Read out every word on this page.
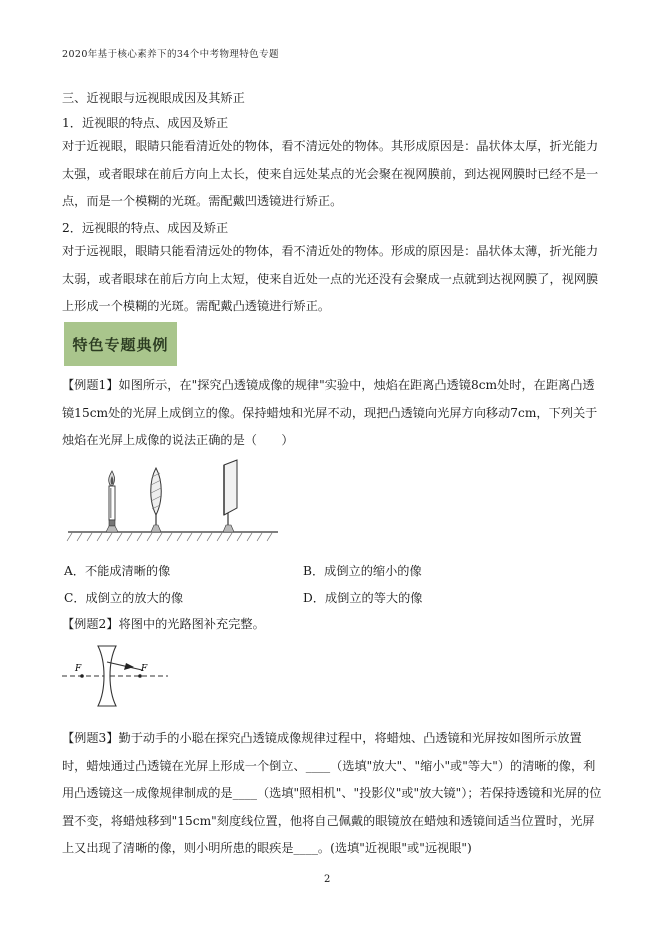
2020年基于核心素养下的34个中考物理特色专题
三、近视眼与远视眼成因及其矫正
1．近视眼的特点、成因及矫正
对于近视眼，眼睛只能看清近处的物体，看不清远处的物体。其形成原因是：晶状体太厚，折光能力太强，或者眼球在前后方向上太长，使来自远处某点的光会聚在视网膜前，到达视网膜时已经不是一点，而是一个模糊的光斑。需配戴凹透镜进行矫正。
2．远视眼的特点、成因及矫正
对于远视眼，眼睛只能看清远处的物体，看不清近处的物体。形成的原因是：晶状体太薄，折光能力太弱，或者眼球在前后方向上太短，使来自近处一点的光还没有会聚成一点就到达视网膜了，视网膜上形成一个模糊的光斑。需配戴凸透镜进行矫正。
特色专题典例
【例题1】如图所示，在"探究凸透镜成像的规律"实验中，烛焰在距离凸透镜8cm处时，在距离凸透镜15cm处的光屏上成倒立的像。保持蜡烛和光屏不动，现把凸透镜向光屏方向移动7cm，下列关于烛焰在光屏上成像的说法正确的是（　　）
A．不能成清晰的像	B．成倒立的缩小的像
C．成倒立的放大的像	D．成倒立的等大的像
【例题2】将图中的光路图补充完整。
F	F
【例题3】勤于动手的小聪在探究凸透镜成像规律过程中，将蜡烛、凸透镜和光屏按如图所示放置时，蜡烛通过凸透镜在光屏上形成一个倒立、____（选填"放大"、"缩小"或"等大"）的清晰的像，利用凸透镜这一成像规律制成的是____（选填"照相机"、"投影仪"或"放大镜"）；若保持透镜和光屏的位置不变，将蜡烛移到"15cm"刻度线位置，他将自己佩戴的眼镜放在蜡烛和透镜间适当位置时，光屏上又出现了清晰的像，则小明所患的眼疾是____。(选填"近视眼"或"远视眼")
2
